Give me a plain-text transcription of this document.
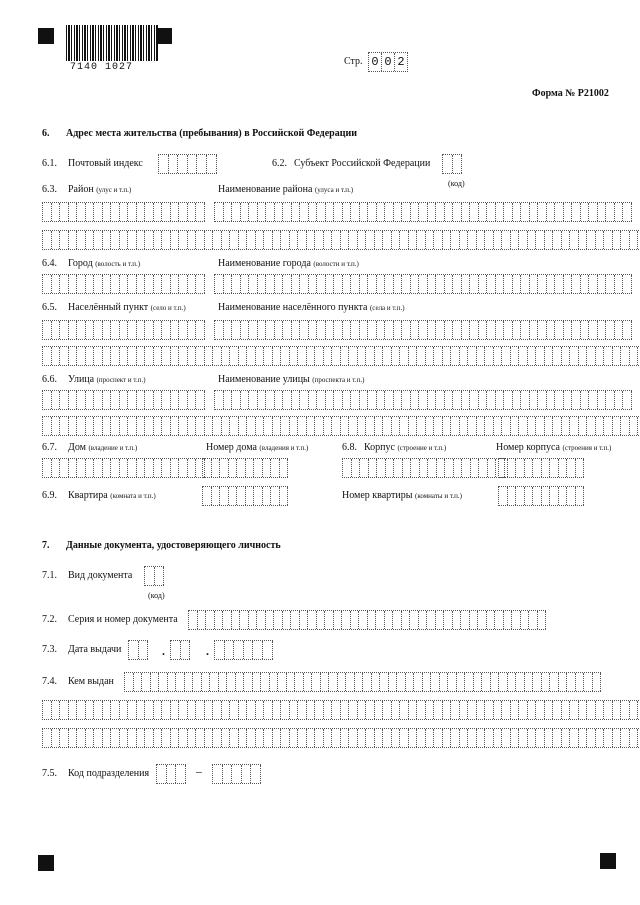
7140 1027
Стр. 0 0 2
Форма № Р21002
6. Адрес места жительства (пребывания) в Российской Федерации
6.1. Почтовый индекс	6.2. Субъект Российской Федерации
(код)
6.3. Район (улус и т.п.)	Наименование района (улуса и т.п.)
6.4. Город (волость и т.п.)	Наименование города (волости и т.п.)
6.5. Населённый пункт (село и т.п.)	Наименование населённого пункта (села и т.п.)
6.6. Улица (проспект и т.п.)	Наименование улицы (проспекта и т.п.)
6.7. Дом (владение и т.п.)	Номер дома (владения и т.п.)	6.8. Корпус (строение и т.п.)	Номер корпуса (строения и т.п.)
6.9. Квартира (комната и т.п.)	Номер квартиры (комнаты и т.п.)
7. Данные документа, удостоверяющего личность
7.1. Вид документа
(код)
7.2. Серия и номер документа
7.3. Дата выдачи	.	.
7.4. Кем выдан
7.5. Код подразделения	–
